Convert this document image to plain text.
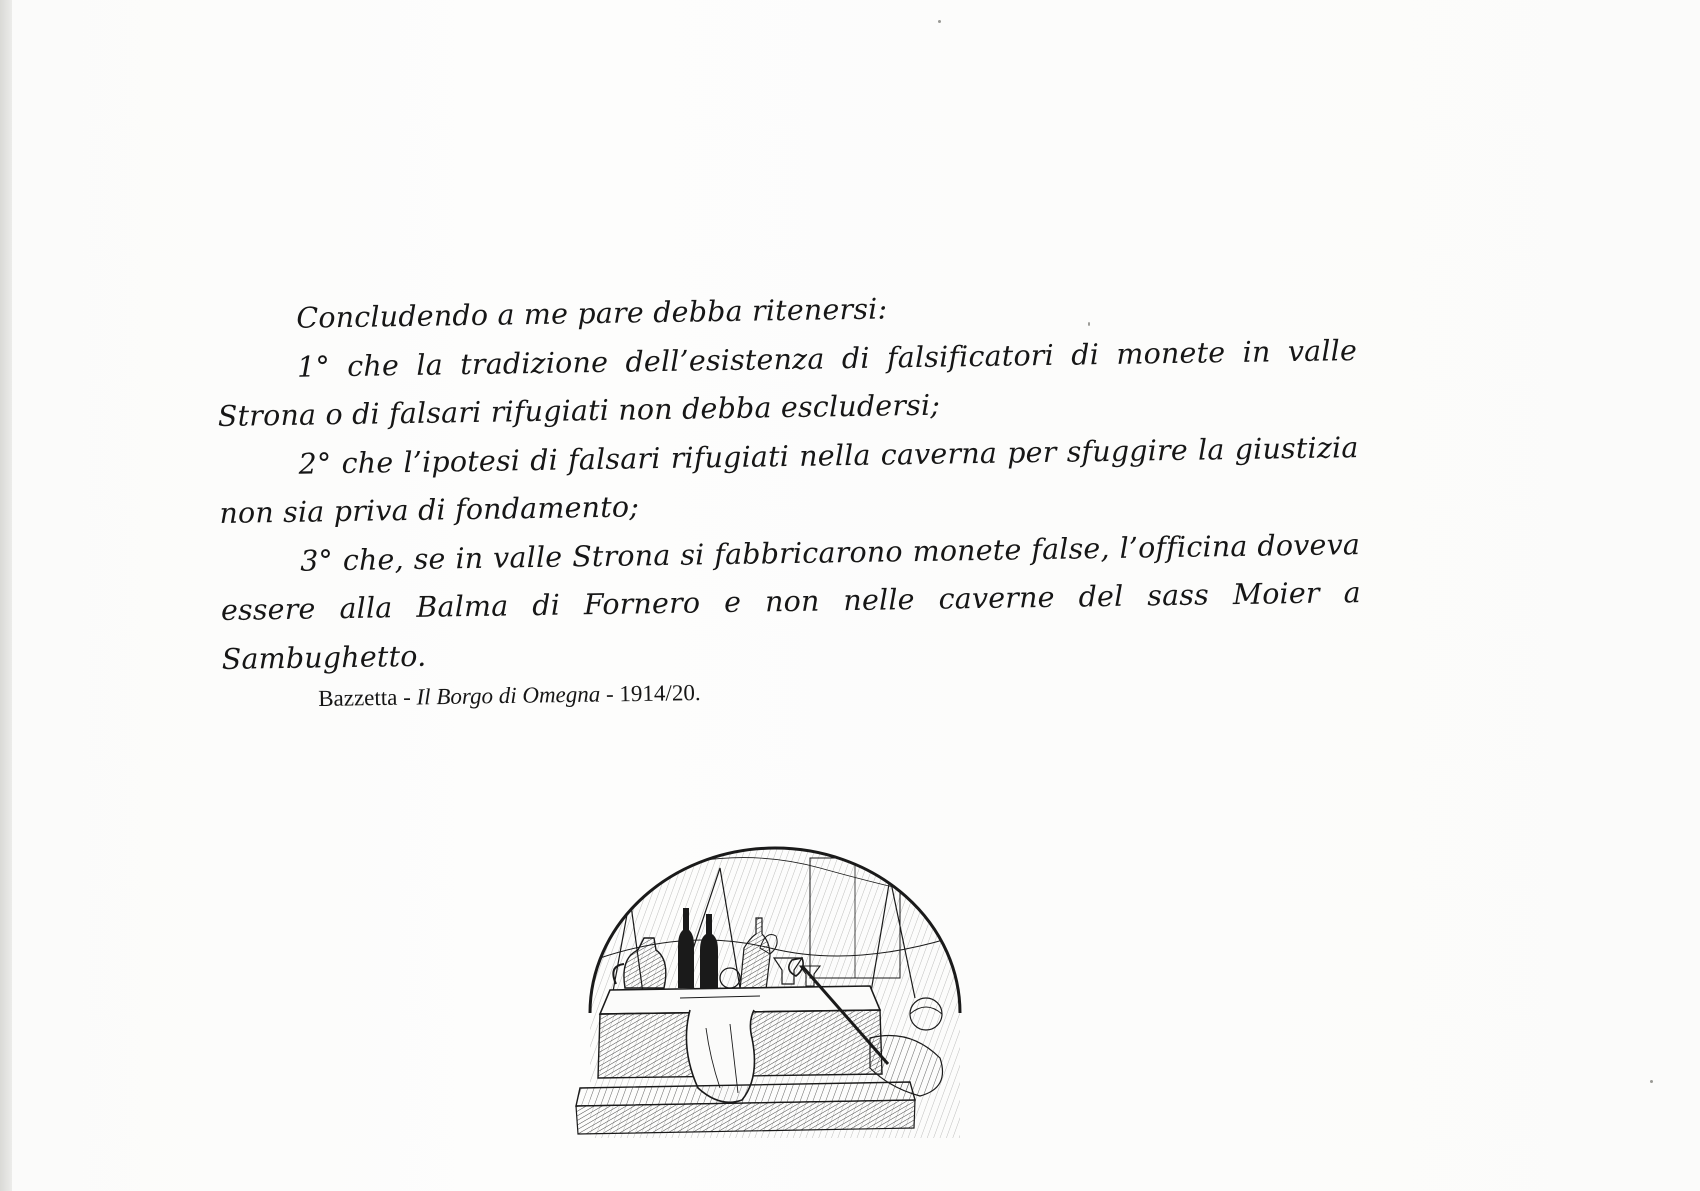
Concludendo a me pare debba ritenersi:

1° che la tradizione dell’esistenza di falsificatori di monete in valle Strona o di falsari rifugiati non debba escludersi;

2° che l’ipotesi di falsari rifugiati nella caverna per sfuggire la giustizia non sia priva di fondamento;

3° che, se in valle Strona si fabbricarono monete false, l’officina doveva essere alla Balma di Fornero e non nelle caverne del sass Moier a Sambughetto.

Bazzetta - Il Borgo di Omegna - 1914/20.
